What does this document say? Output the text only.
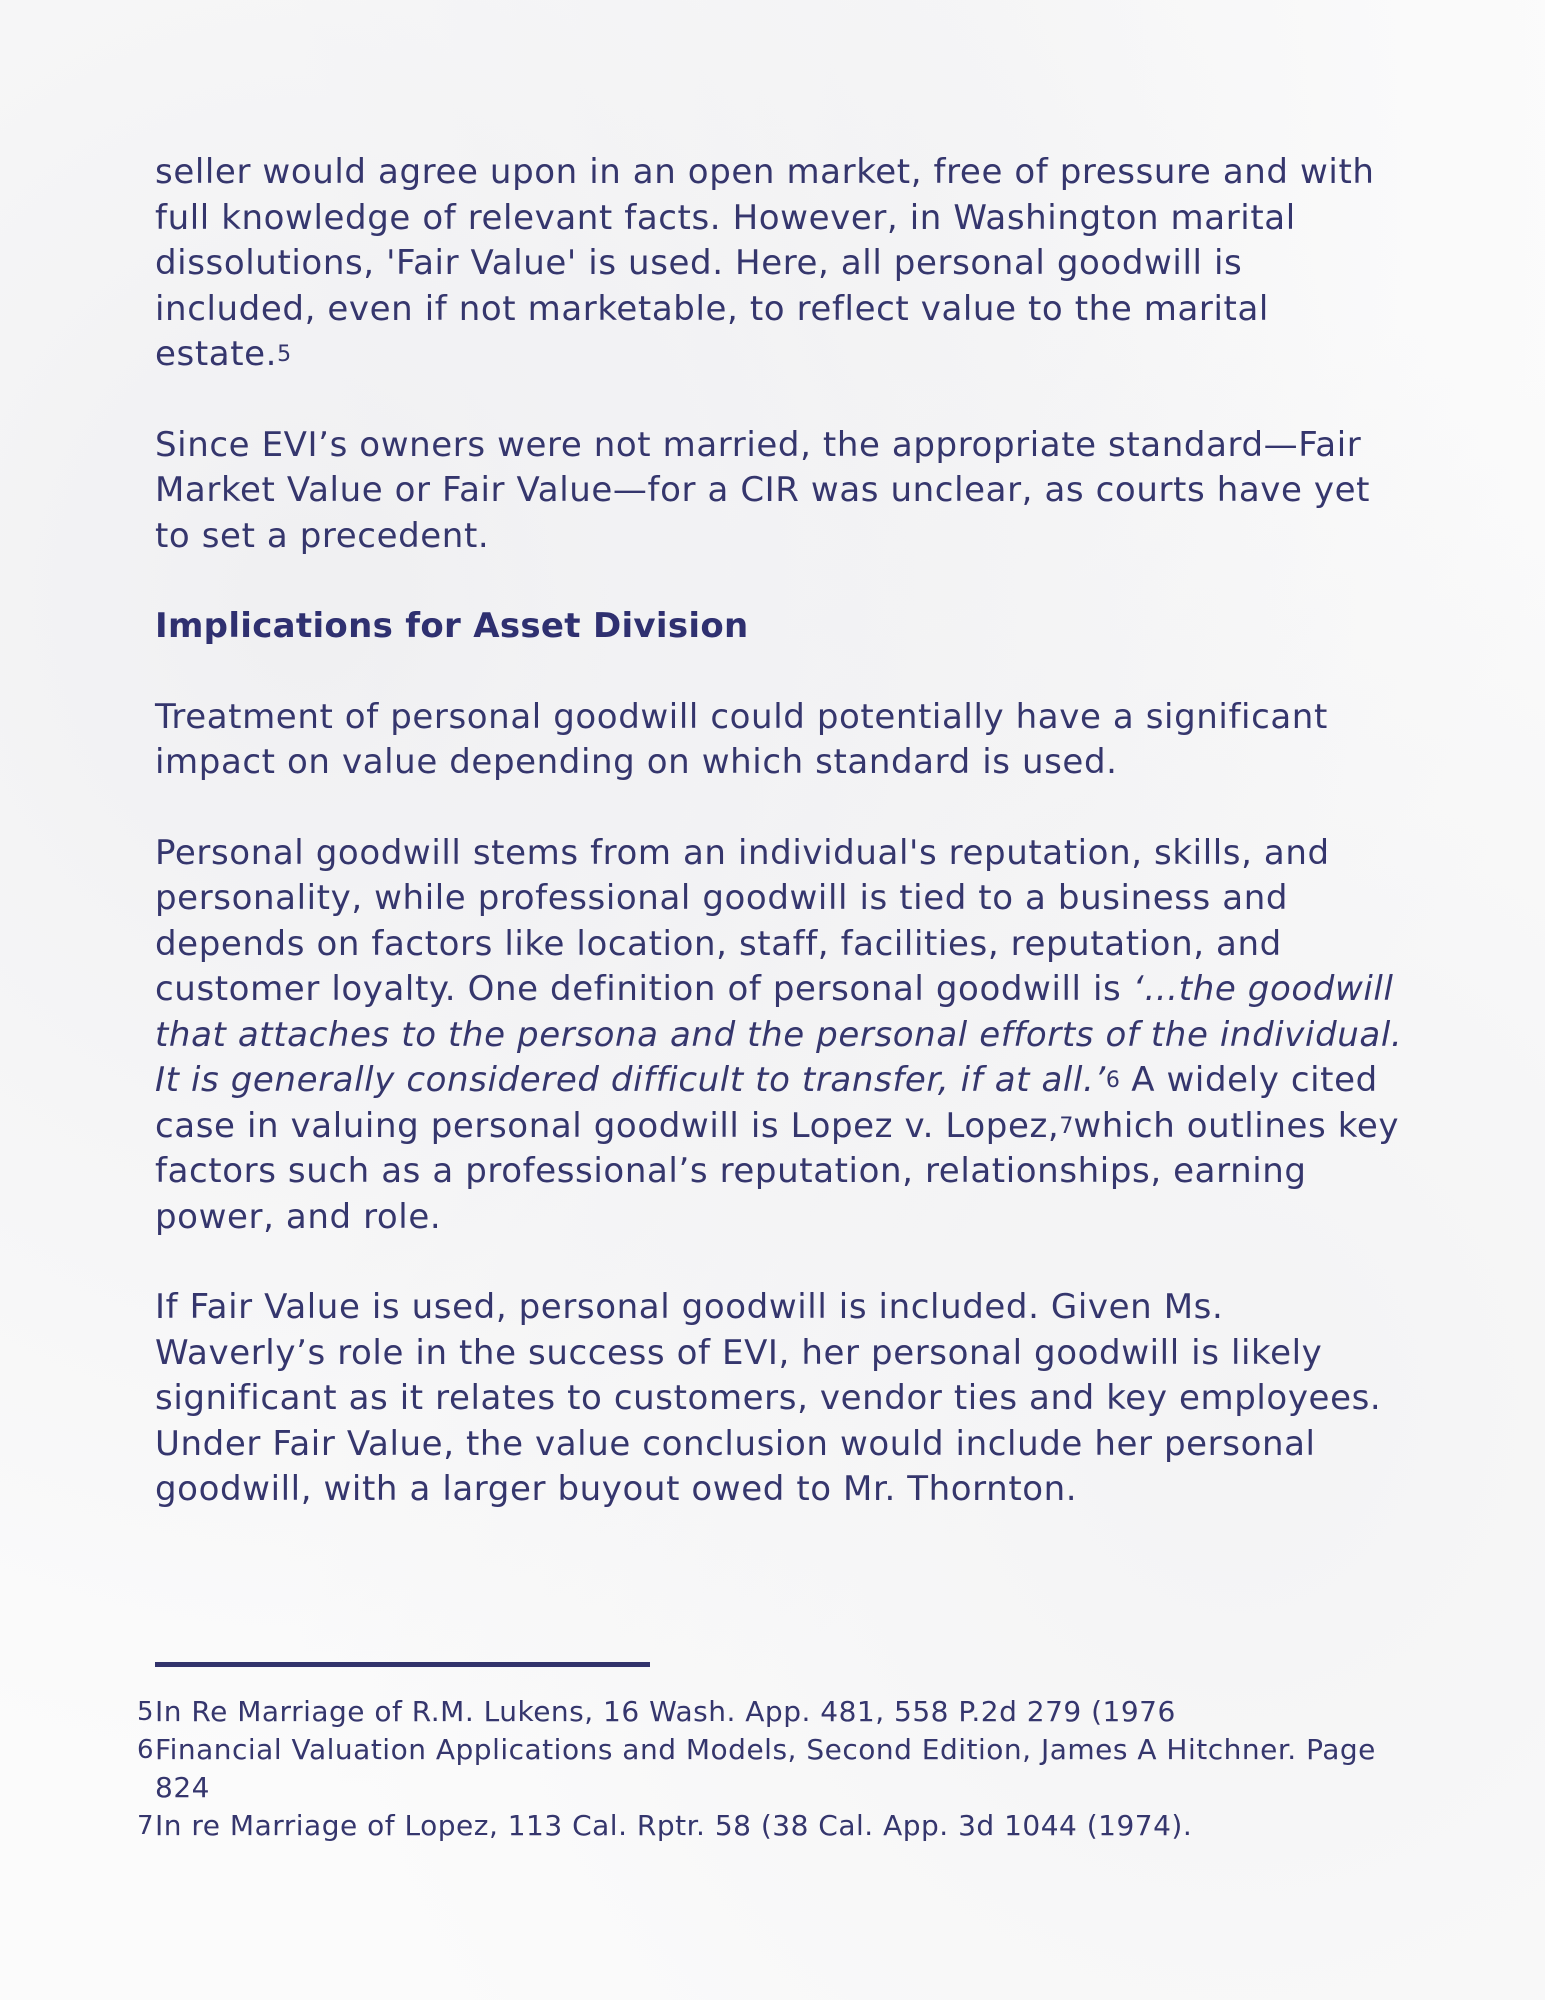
seller would agree upon in an open market, free of pressure and with full knowledge of relevant facts. However, in Washington marital dissolutions, 'Fair Value' is used. Here, all personal goodwill is included, even if not marketable, to reflect value to the marital estate.$^5$

Since EVI’s owners were not married, the appropriate standard—Fair Market Value or Fair Value—for a CIR was unclear, as courts have yet to set a precedent.

Implications for Asset Division

Treatment of personal goodwill could potentially have a significant impact on value depending on which standard is used.

Personal goodwill stems from an individual's reputation, skills, and personality, while professional goodwill is tied to a business and depends on factors like location, staff, facilities, reputation, and customer loyalty. One definition of personal goodwill is ‘…the goodwill that attaches to the persona and the personal efforts of the individual. It is generally considered difficult to transfer, if at all.’$^6$ A widely cited case in valuing personal goodwill is Lopez v. Lopez,$^7$which outlines key factors such as a professional’s reputation, relationships, earning power, and role.

If Fair Value is used, personal goodwill is included. Given Ms. Waverly’s role in the success of EVI, her personal goodwill is likely significant as it relates to customers, vendor ties and key employees. Under Fair Value, the value conclusion would include her personal goodwill, with a larger buyout owed to Mr. Thornton.

5 In Re Marriage of R.M. Lukens, 16 Wash. App. 481, 558 P.2d 279 (1976
6 Financial Valuation Applications and Models, Second Edition, James A Hitchner. Page 824
7 In re Marriage of Lopez, 113 Cal. Rptr. 58 (38 Cal. App. 3d 1044 (1974).
